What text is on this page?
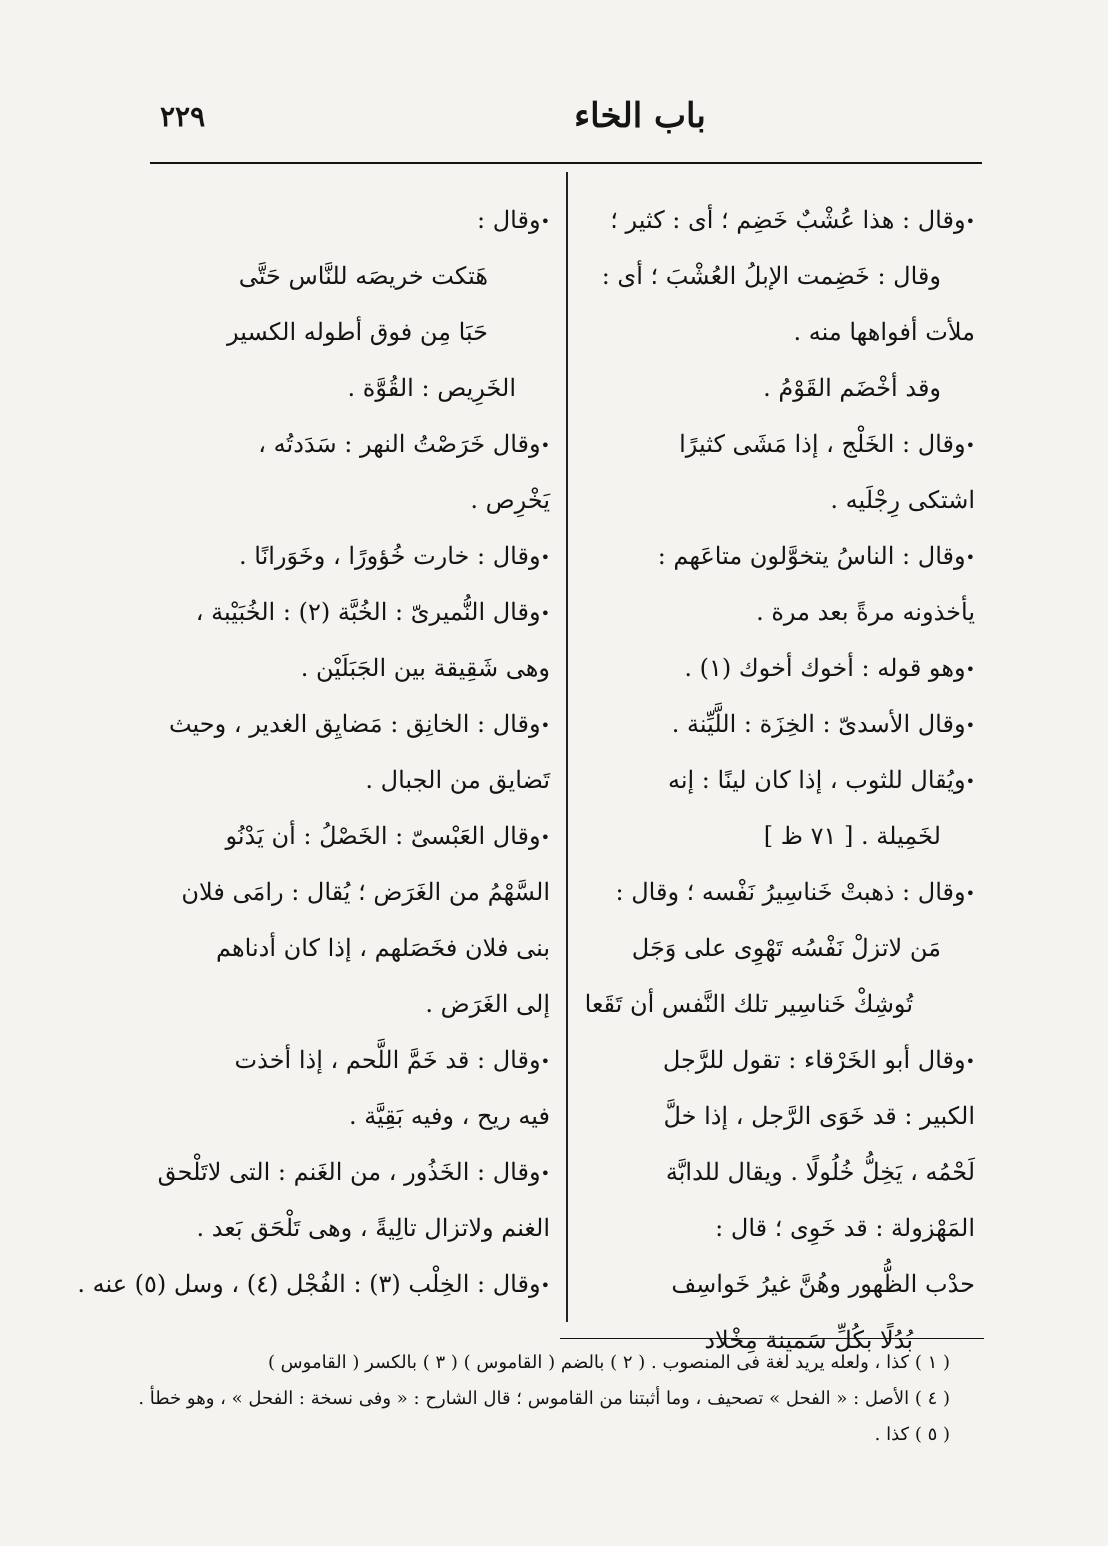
٢٢٩	باب الخاء
• وقال : هذا عُشْبٌ خَضِم ؛ أى : كثير ؛
وقال : خَضِمت الإبلُ العُشْبَ ؛ أى :
ملأت أفواهها منه .
وقد أخْضَم القَوْمُ .
• وقال : الخَلْج ، إذا مَشَى كثيرًا
اشتكى رِجْلَيه .
• وقال : الناسُ يتخوَّلون متاعَهم :
يأخذونه مرةً بعد مرة .
• وهو قوله : أخوك أخوك (١) .
• وقال الأسدىّ : الخِزَة : اللَّيِّنة .
• ويُقال للثوب ، إذا كان لينًا : إنه
لخَمِيلة . [ ٧١ ظ ]
• وقال : ذهبتْ خَناسِيرُ نَفْسه ؛ وقال :
مَن لاتزلْ نَفْسُه تَهْوِى على وَجَل
تُوشِكْ خَناسِير تلك النَّفس أن تَقَعا
• وقال أبو الخَرْقاء : تقول للرَّجل
الكبير : قد خَوَى الرَّجل ، إذا خلَّ
لَحْمُه ، يَخِلُّ خُلُولًا . ويقال للدابَّة
المَهْزولة : قد خَوِى ؛ قال :
حدْب الظُّهور وهُنَّ غيرُ خَواسِف
بُدُلًا بكُلِّ سَمينة مِخْلاد
• وقال :
هَتكت خريصَه للنَّاس حَتَّى
حَبَا مِن فوق أطوله الكسير
الخَرِيص : القُوَّة .
• وقال خَرَصْتُ النهر : سَدَدتُه ،
يَخْرِص .
• وقال : خارت خُؤورًا ، وخَوَرانًا .
• وقال النُّميرىّ : الخُبَّة (٢) : الخُبَيْبة ،
وهى شَقِيقة بين الجَبَلَيْن .
• وقال : الخانِق : مَضايِق الغدير ، وحيث
تَضايق من الجبال .
• وقال العَبْسىّ : الخَصْلُ : أن يَدْنُو
السَّهْمُ من الغَرَض ؛ يُقال : رامَى فلان
بنى فلان فخَصَلهم ، إذا كان أدناهم
إلى الغَرَض .
• وقال : قد خَمَّ اللَّحم ، إذا أخذت
فيه ريح ، وفيه بَقِيَّة .
• وقال : الخَذُور ، من الغَنم : التى لاتَلْحق
الغنم ولاتزال تالِيةً ، وهى تَلْحَق بَعد .
• وقال : الخِلْب (٣) : الفُجْل (٤) ، وسل (٥) عنه .
( ١ ) كذا ، ولعله يريد لغة فى المنصوب . ( ٢ ) بالضم ( القاموس ) ( ٣ ) بالكسر ( القاموس )
( ٤ ) الأصل : « الفحل » تصحيف ، وما أثبتنا من القاموس ؛ قال الشارح : « وفى نسخة : الفحل » ، وهو خطأ .
( ٥ ) كذا .
